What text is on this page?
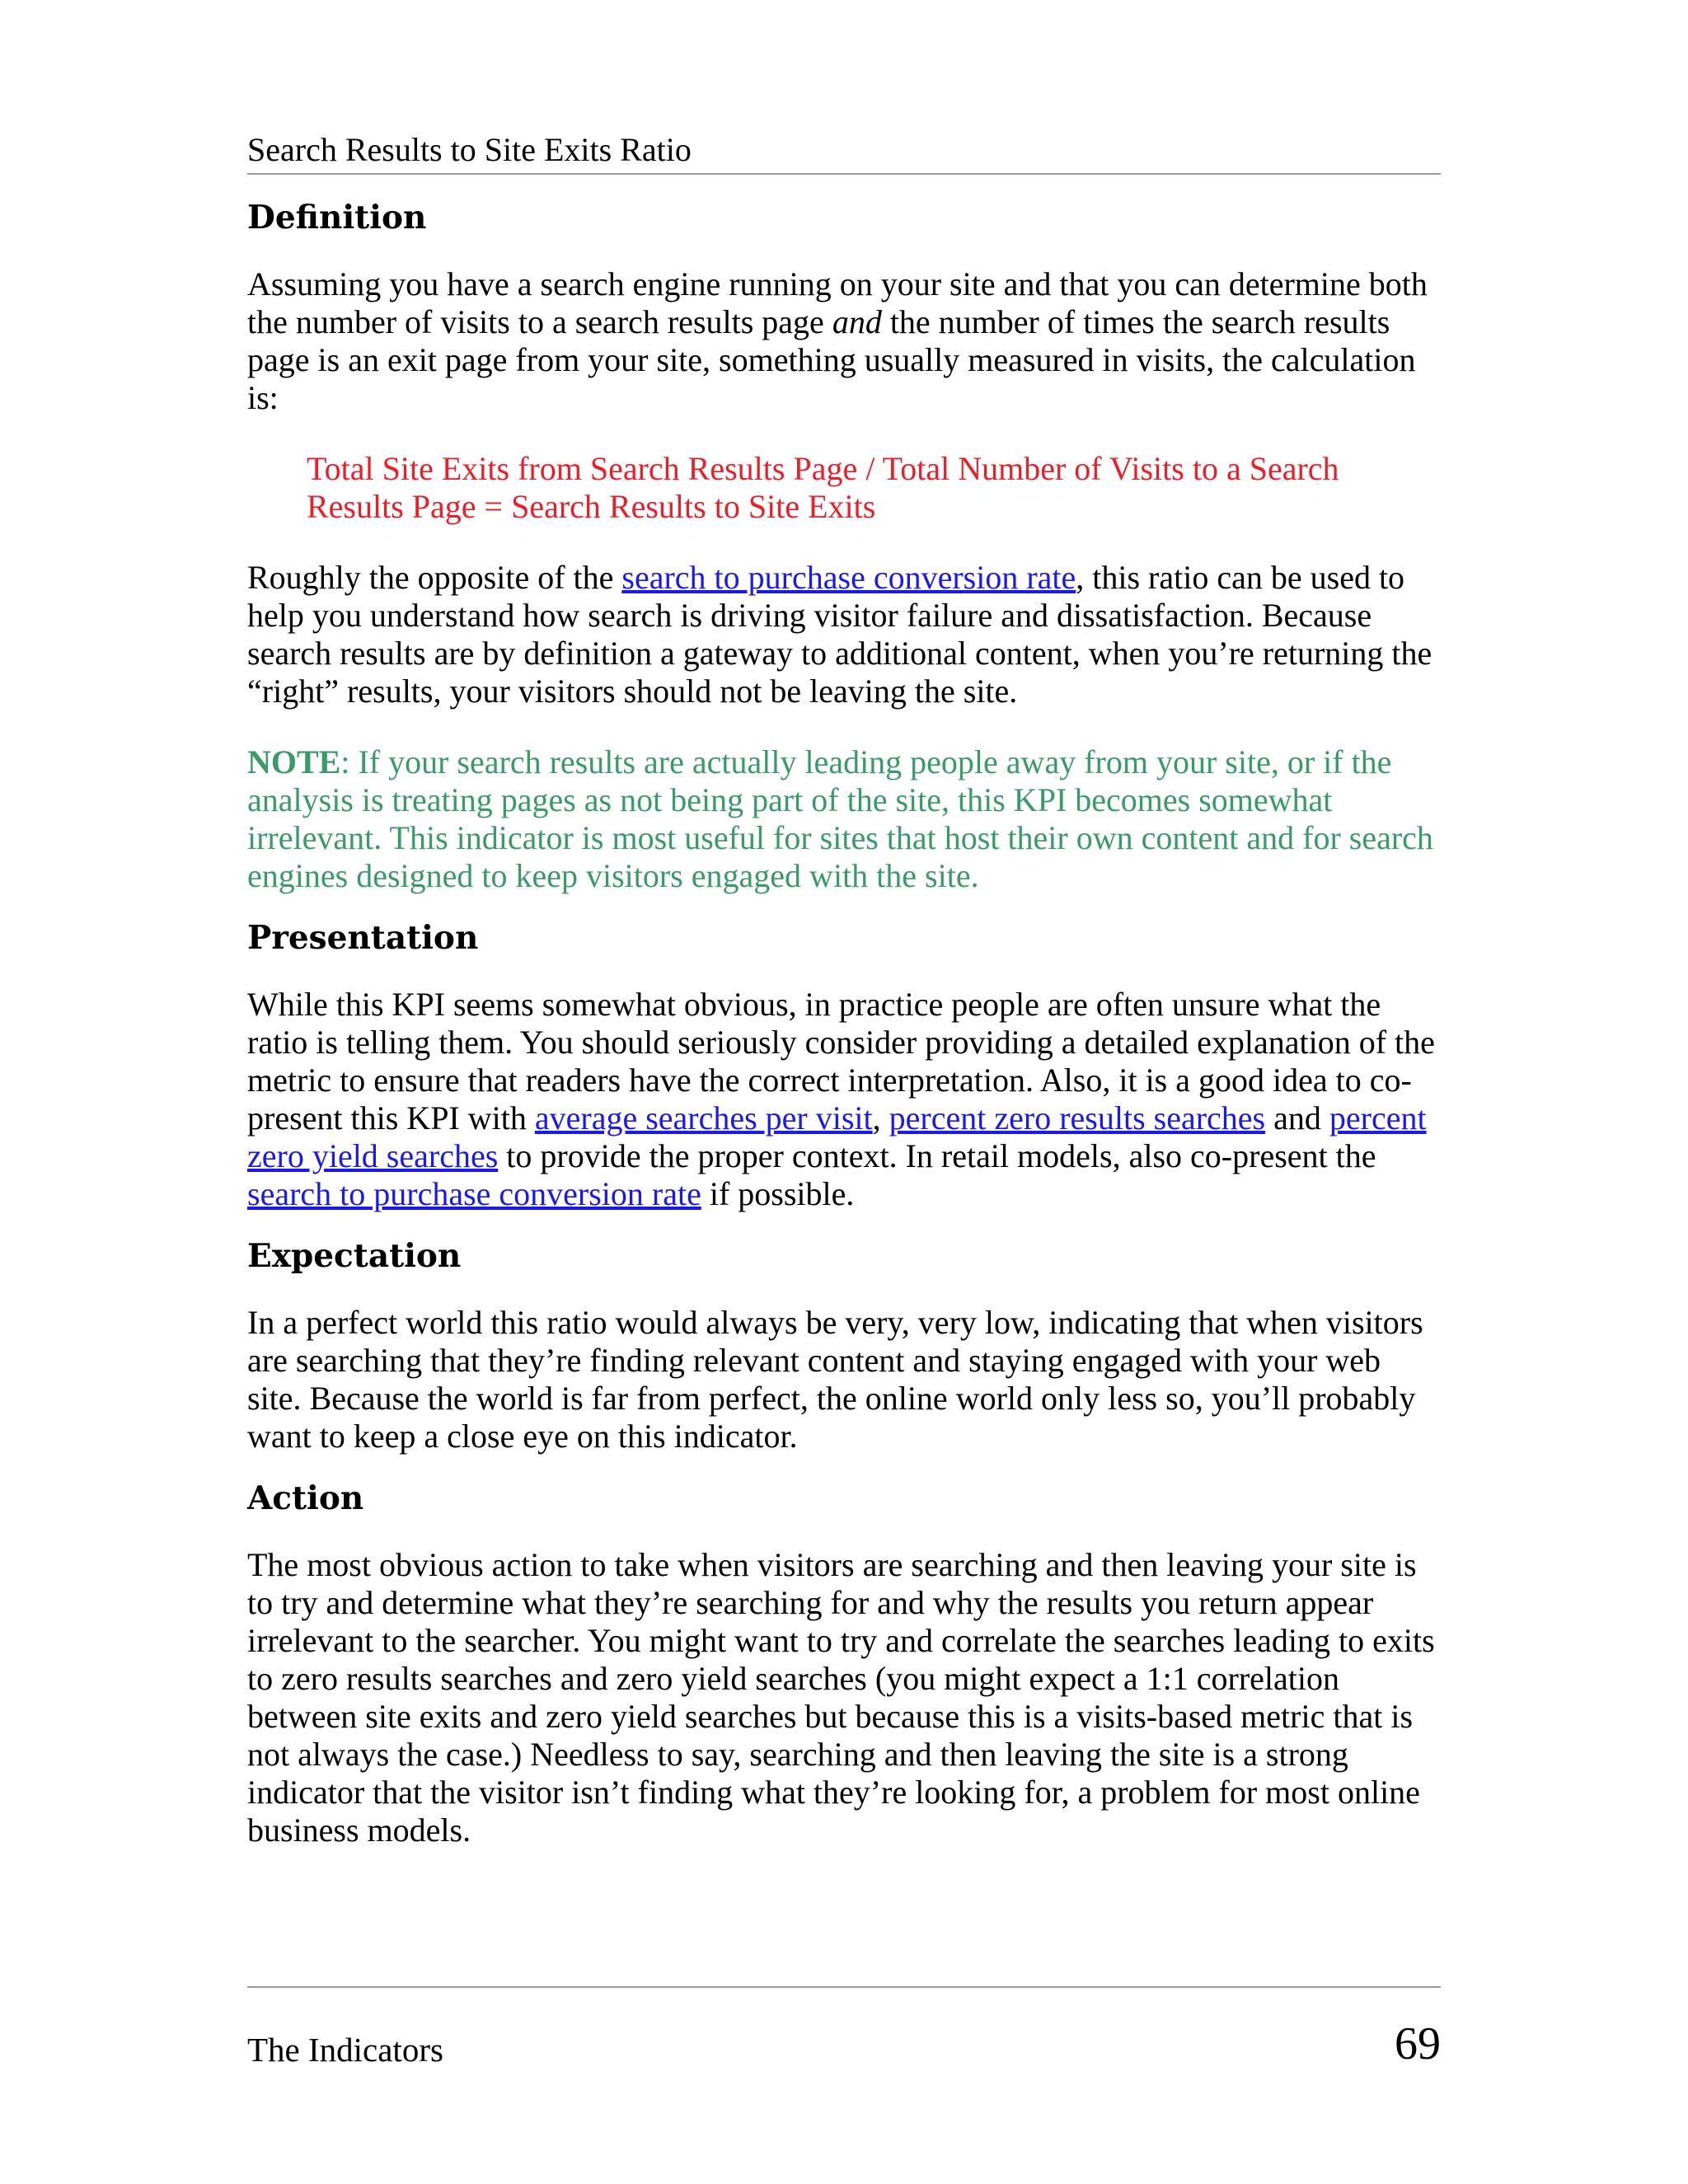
Search Results to Site Exits Ratio
Definition

Assuming you have a search engine running on your site and that you can determine both the number of visits to a search results page and the number of times the search results page is an exit page from your site, something usually measured in visits, the calculation is:

Total Site Exits from Search Results Page / Total Number of Visits to a Search Results Page = Search Results to Site Exits

Roughly the opposite of the search to purchase conversion rate, this ratio can be used to help you understand how search is driving visitor failure and dissatisfaction. Because search results are by definition a gateway to additional content, when you’re returning the “right” results, your visitors should not be leaving the site.

NOTE: If your search results are actually leading people away from your site, or if the analysis is treating pages as not being part of the site, this KPI becomes somewhat irrelevant. This indicator is most useful for sites that host their own content and for search engines designed to keep visitors engaged with the site.

Presentation

While this KPI seems somewhat obvious, in practice people are often unsure what the ratio is telling them. You should seriously consider providing a detailed explanation of the metric to ensure that readers have the correct interpretation. Also, it is a good idea to co-present this KPI with average searches per visit, percent zero results searches and percent zero yield searches to provide the proper context. In retail models, also co-present the search to purchase conversion rate if possible.

Expectation

In a perfect world this ratio would always be very, very low, indicating that when visitors are searching that they’re finding relevant content and staying engaged with your web site. Because the world is far from perfect, the online world only less so, you’ll probably want to keep a close eye on this indicator.

Action

The most obvious action to take when visitors are searching and then leaving your site is to try and determine what they’re searching for and why the results you return appear irrelevant to the searcher. You might want to try and correlate the searches leading to exits to zero results searches and zero yield searches (you might expect a 1:1 correlation between site exits and zero yield searches but because this is a visits-based metric that is not always the case.) Needless to say, searching and then leaving the site is a strong indicator that the visitor isn’t finding what they’re looking for, a problem for most online business models.

The Indicators	69
